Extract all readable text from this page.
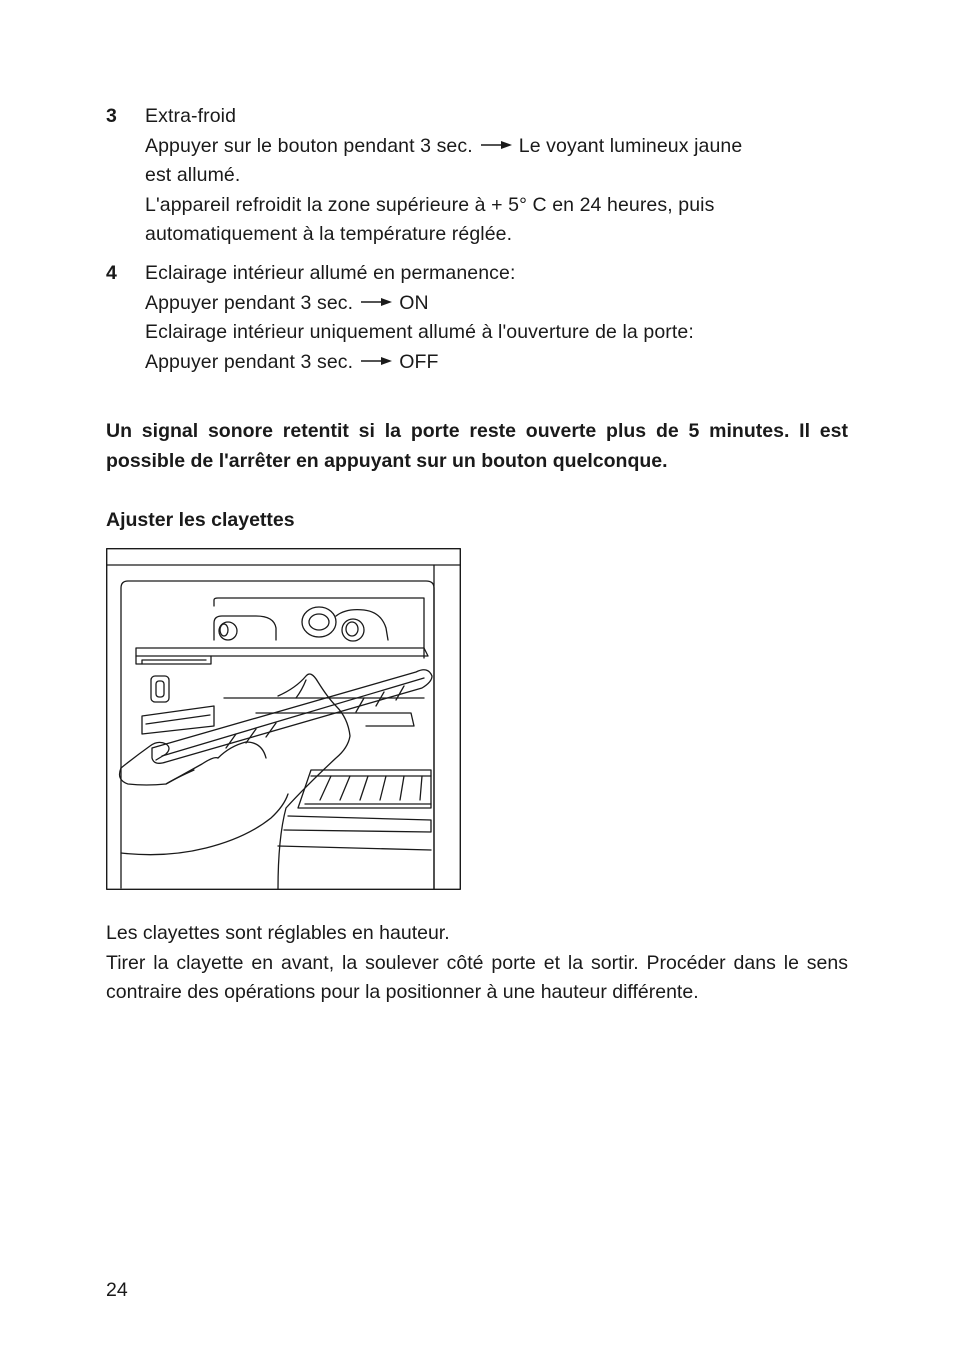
3 Extra-froid
Appuyer sur le bouton pendant 3 sec. Le voyant lumineux jaune
est allumé.
L'appareil refroidit la zone supérieure à + 5° C en 24 heures, puis
automatiquement à la température réglée.
4 Eclairage intérieur allumé en permanence:
Appuyer pendant 3 sec. ON
Eclairage intérieur uniquement allumé à l'ouverture de la porte:
Appuyer pendant 3 sec. OFF
Un signal sonore retentit si la porte reste ouverte plus de 5 minutes. Il est possible de l'arrêter en appuyant sur un bouton quelconque.
Ajuster les clayettes
Les clayettes sont réglables en hauteur.
Tirer la clayette en avant, la soulever côté porte et la sortir. Procéder dans le sens
contraire des opérations pour la positionner à une hauteur différente.
24
